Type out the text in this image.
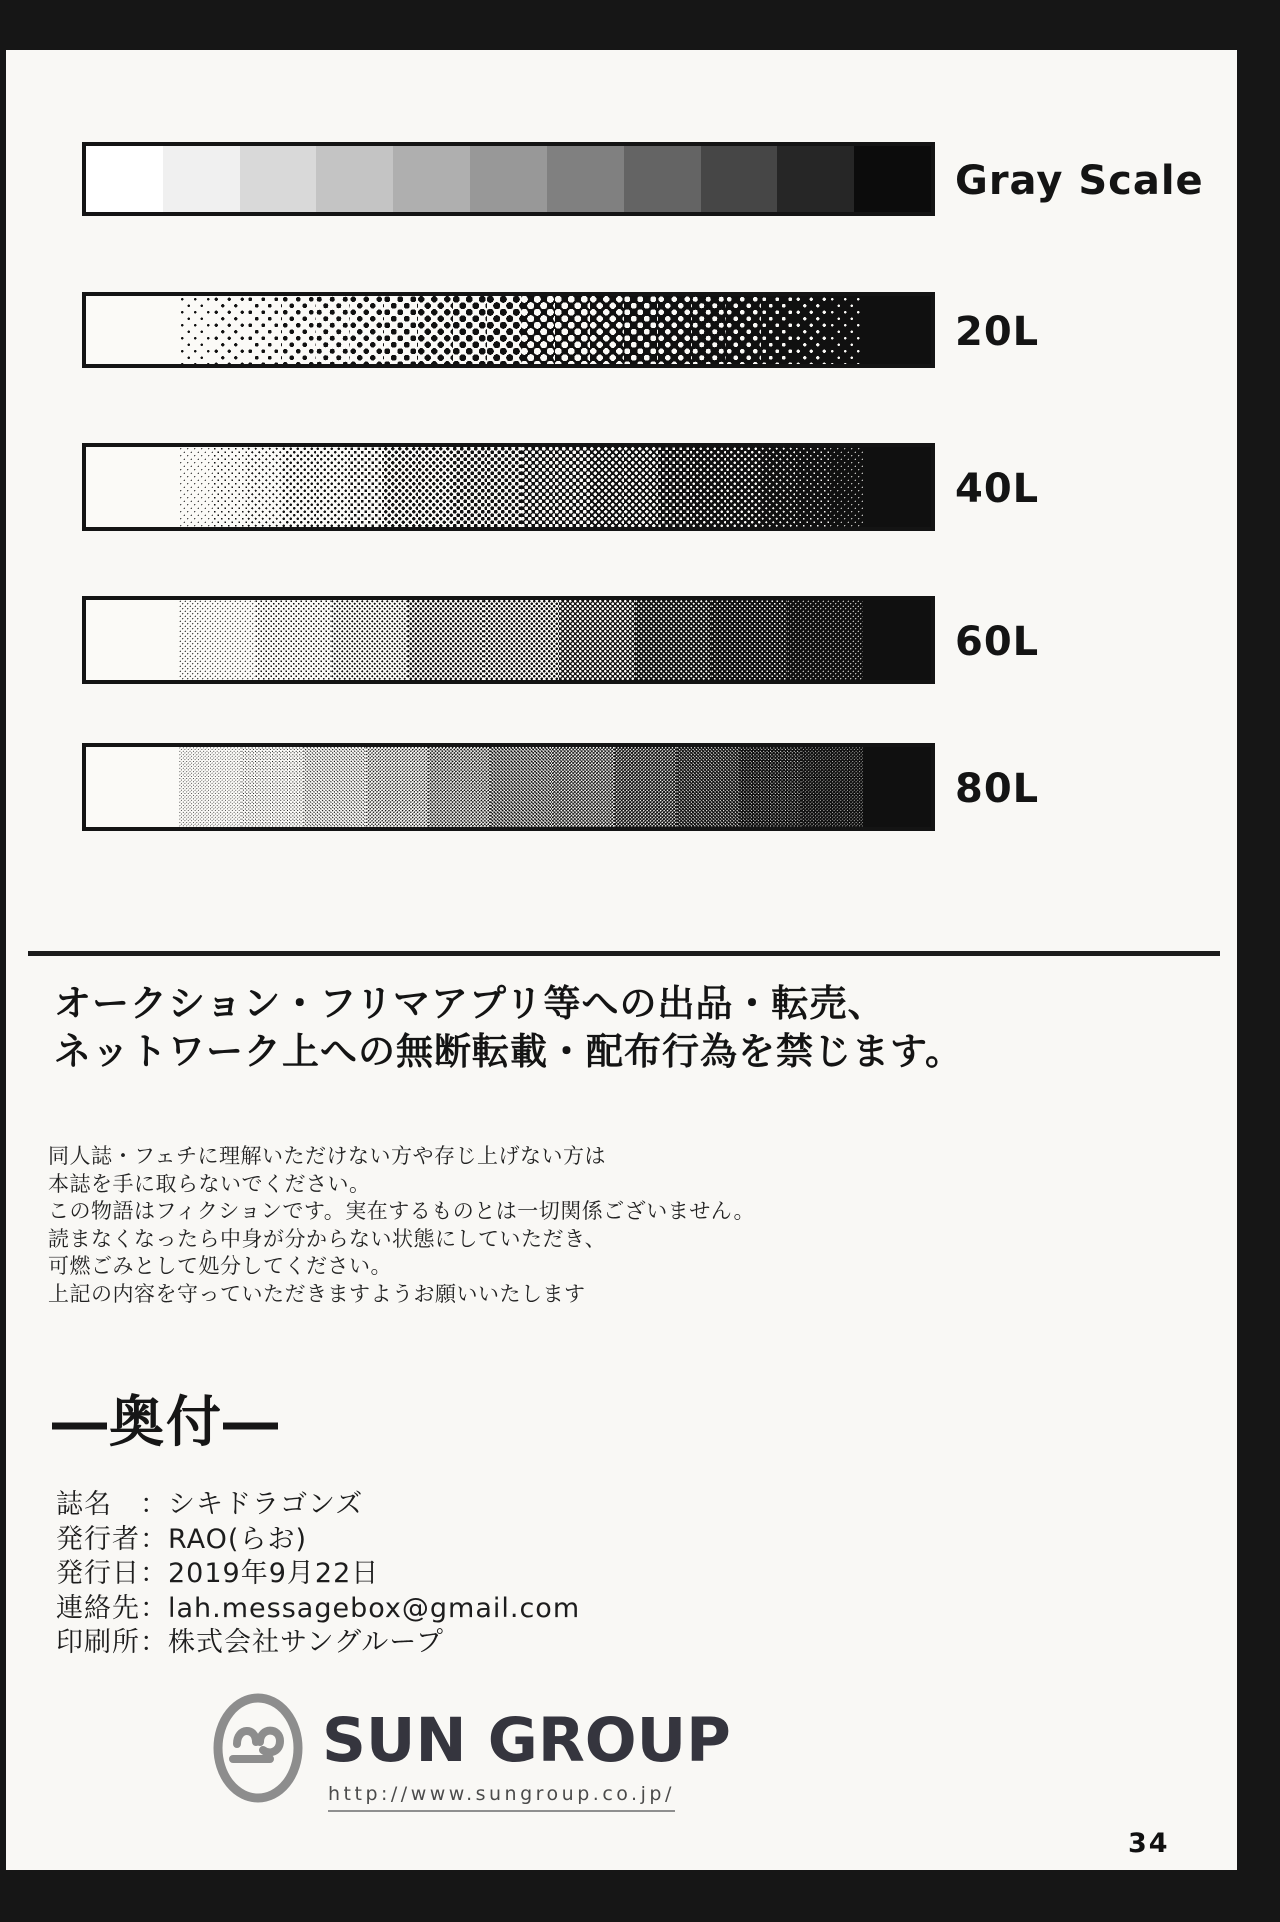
Gray Scale
20L
40L
60L
80L
オークション・フリマアプリ等への出品・転売、
ネットワーク上への無断転載・配布行為を禁じます。
同人誌・フェチに理解いただけない方や存じ上げない方は
本誌を手に取らないでください。
この物語はフィクションです。実在するものとは一切関係ございません。
読まなくなったら中身が分からない状態にしていただき、
可燃ごみとして処分してください。
上記の内容を守っていただきますようお願いいたします
―奥付―
誌名　：シキドラゴンズ
発行者：RAO(らお)
発行日：2019年9月22日
連絡先：lah.messagebox@gmail.com
印刷所：株式会社サングループ
SUN GROUP
http://www.sungroup.co.jp/
34
